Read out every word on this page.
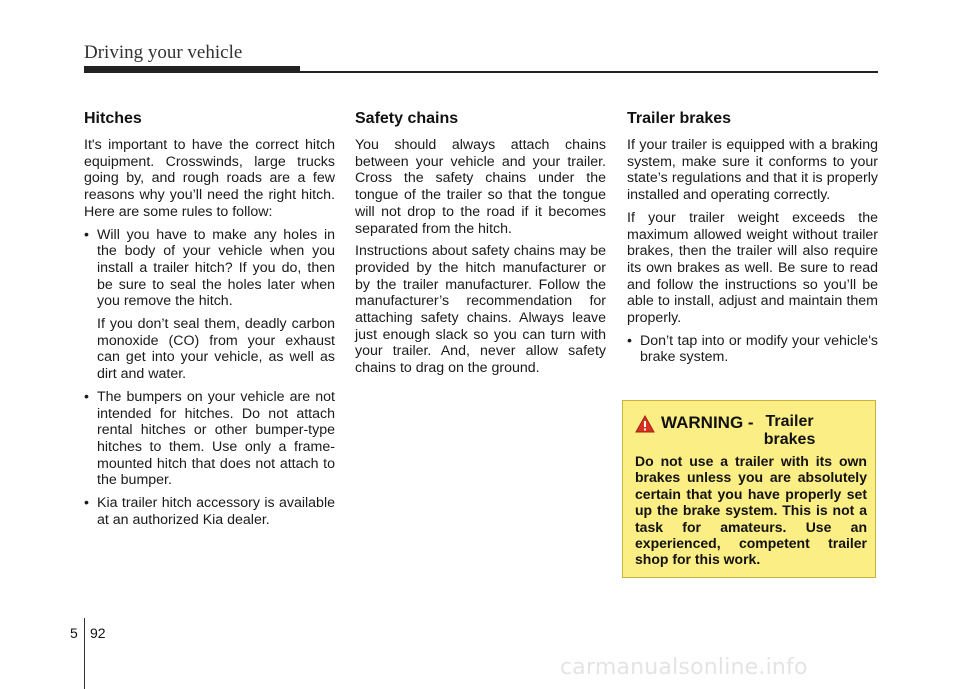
Driving your vehicle
Hitches

It's important to have the correct hitch equipment. Crosswinds, large trucks going by, and rough roads are a few reasons why you’ll need the right hitch. Here are some rules to follow:

• Will you have to make any holes in the body of your vehicle when you install a trailer hitch? If you do, then be sure to seal the holes later when you remove the hitch.

If you don’t seal them, deadly carbon monoxide (CO) from your exhaust can get into your vehicle, as well as dirt and water.

• The bumpers on your vehicle are not intended for hitches. Do not attach rental hitches or other bumper-type hitches to them. Use only a frame-mounted hitch that does not attach to the bumper.
• Kia trailer hitch accessory is available at an authorized Kia dealer.
Safety chains

You should always attach chains between your vehicle and your trailer. Cross the safety chains under the tongue of the trailer so that the tongue will not drop to the road if it becomes separated from the hitch.

Instructions about safety chains may be provided by the hitch manufacturer or by the trailer manufacturer. Follow the manufacturer’s recommendation for attaching safety chains. Always leave just enough slack so you can turn with your trailer. And, never allow safety chains to drag on the ground.

Trailer brakes

If your trailer is equipped with a braking system, make sure it conforms to your state’s regulations and that it is properly installed and operating correctly.

If your trailer weight exceeds the maximum allowed weight without trailer brakes, then the trailer will also require its own brakes as well. Be sure to read and follow the instructions so you’ll be able to install, adjust and maintain them properly.

• Don’t tap into or modify your vehicle's brake system.
WARNING - Trailer brakes
Do not use a trailer with its own brakes unless you are absolutely certain that you have properly set up the brake system. This is not a task for amateurs. Use an experienced, competent trailer shop for this work.
5 92
carmanualsonline.info
